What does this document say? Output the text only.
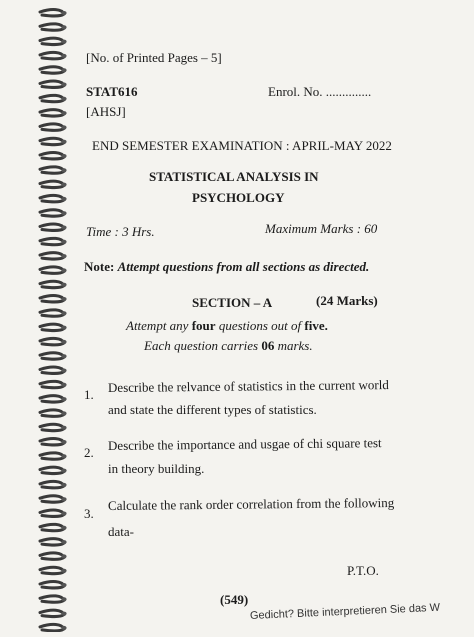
[No. of Printed Pages – 5]
STAT616	Enrol. No. ..............
[AHSJ]
END SEMESTER EXAMINATION : APRIL-MAY 2022
STATISTICAL ANALYSIS IN
PSYCHOLOGY
Time : 3 Hrs.	Maximum Marks : 60
Note: Attempt questions from all sections as directed.
SECTION – A	(24 Marks)
Attempt any four questions out of five.
Each question carries 06 marks.
1. Describe the relvance of statistics in the current world
and state the different types of statistics.
2. Describe the importance and usgae of chi square test
in theory building.
3.
Calculate the rank order correlation from the following
data-
P.T.O.
(549)
Gedicht? Bitte interpretieren Sie das W
